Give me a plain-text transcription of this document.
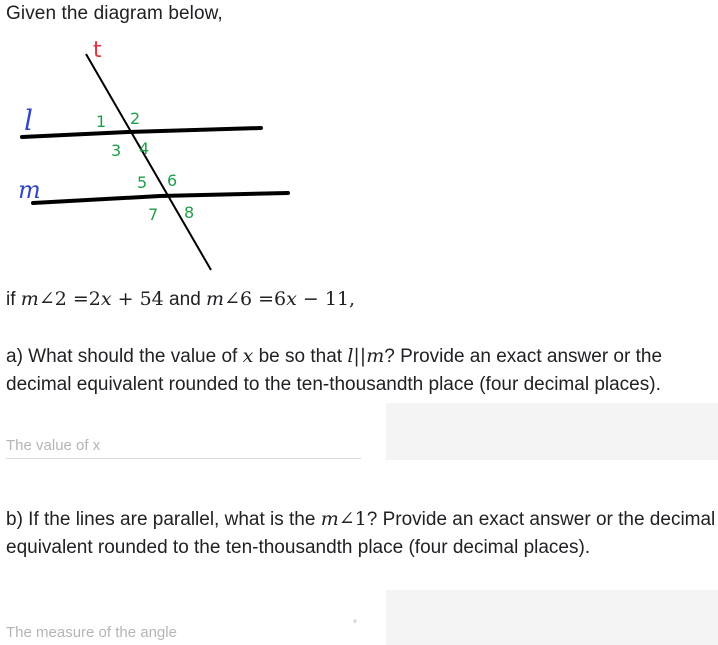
Given the diagram below,
t
l
m
1 2
3 4
5 6
7 8
if m∠2 =2x + 54 and m∠6 =6x − 11,
a) What should the value of x be so that l||m? Provide an exact answer or the decimal equivalent rounded to the ten-thousandth place (four decimal places).
The value of x
b) If the lines are parallel, what is the m∠1? Provide an exact answer or the decimal equivalent rounded to the ten-thousandth place (four decimal places).
The measure of the angle
°
